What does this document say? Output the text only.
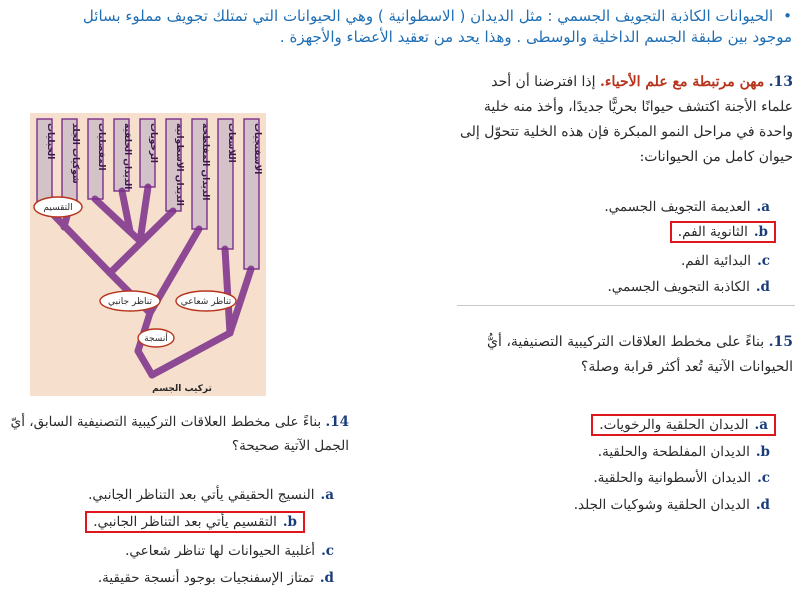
•الحيوانات الكاذبة التجويف الجسمي : مثل الديدان ( الاسطوانية ) وهي الحيوانات التي تمتلك تجويف مملوء بسائل موجود بين طبقة الجسم الداخلية والوسطى . وهذا يحد من تعقيد الأعضاء والأجهزة .
13. مهن مرتبطة مع علم الأحياء. إذا افترضنا أن أحد علماء الأجنة اكتشف حيوانًا بحريًّا جديدًا، وأخذ منه خلية واحدة في مراحل النمو المبكرة فإن هذه الخلية تتحوّل إلى حيوان كامل من الحيوانات:
a.العديمة التجويف الجسمي.
b.الثانوية الفم.
c.البدائية الفم.
d.الكاذبة التجويف الجسمي.
15. بناءً على مخطط العلاقات التركيبية التصنيفية، أيُّ الحيوانات الآتية تُعد أكثر قرابة وصلة؟
a.الديدان الحلقية والرخويات.
b.الديدان المفلطحة والحلقية.
c.الديدان الأسطوانية والحلقية.
d.الديدان الحلقية وشوكيات الجلد.
الحبليات شوكيات الجلد المفصليات الديدان الحلقية الرخويات الديدان الاسطوانية الديدان المفلطحة اللاسعات الاسفنجيات
التقسيم
تناظر جانبي	تناظر شعاعي
أنسجة
تركيب الجسم
14. بناءً على مخطط العلاقات التركيبية التصنيفية السابق، أيّ الجمل الآتية صحيحة؟
a.النسيج الحقيقي يأتي بعد التناظر الجانبي.
b.التقسيم يأتي بعد التناظر الجانبي.
c.أغلبية الحيوانات لها تناظر شعاعي.
d.تمتاز الإسفنجيات بوجود أنسجة حقيقية.
